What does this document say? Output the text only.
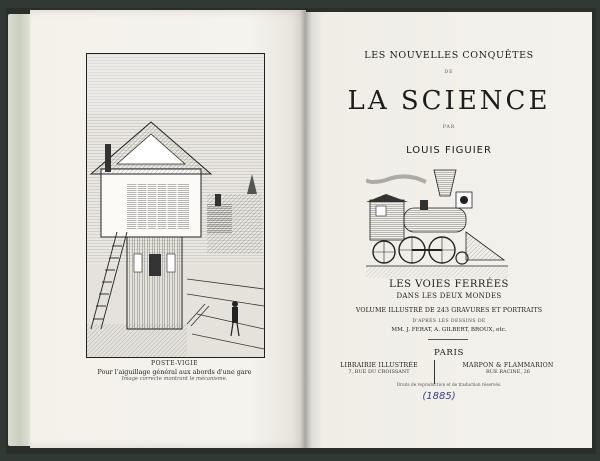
POSTE-VIGIE
Pour l'aiguillage général aux abords d'une gare
Image correcte montrant le mécanisme.
LES NOUVELLES CONQUÊTES
DE
LA SCIENCE
PAR
LOUIS FIGUIER
LES VOIES FERRÉES
DANS LES DEUX MONDES
VOLUME ILLUSTRÉ DE 243 GRAVURES ET PORTRAITS
D'APRÈS LES DESSINS DE
MM. J. FERAT, A. GILBERT, BROUX, etc.
PARIS
LIBRAIRIE ILLUSTRÉE
7, RUE DU CROISSANT
MARPON & FLAMMARION
RUE RACINE, 26
Droits de reproduction et de traduction réservés.
(1885)
